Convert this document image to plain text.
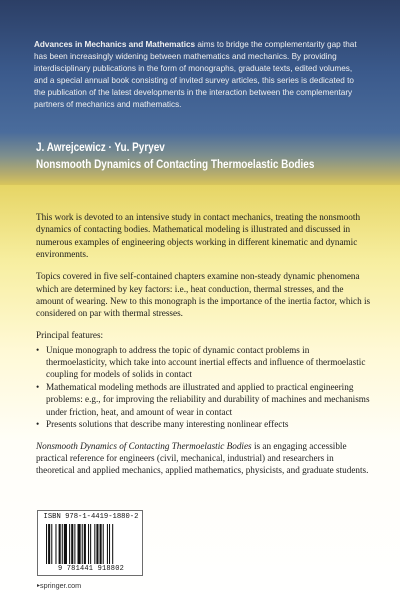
Advances in Mechanics and Mathematics aims to bridge the complementarity gap that has been increasingly widening between mathematics and mechanics. By providing interdisciplinary publications in the form of monographs, graduate texts, edited volumes, and a special annual book consisting of invited survey articles, this series is dedicated to the publication of the latest developments in the interaction between the complementary partners of mechanics and mathematics.

J. Awrejcewicz · Yu. Pyryev

Nonsmooth Dynamics of Contacting Thermoelastic Bodies

This work is devoted to an intensive study in contact mechanics, treating the nonsmooth dynamics of contacting bodies. Mathematical modeling is illustrated and discussed in numerous examples of engineering objects working in different kinematic and dynamic environments.

Topics covered in five self-contained chapters examine non-steady dynamic phenomena which are determined by key factors: i.e., heat conduction, thermal stresses, and the amount of wearing. New to this monograph is the importance of the inertia factor, which is considered on par with thermal stresses.

Principal features:

• Unique monograph to address the topic of dynamic contact problems in thermoelasticity, which take into account inertial effects and influence of thermoelastic coupling for models of solids in contact
• Mathematical modeling methods are illustrated and applied to practical engineering problems: e.g., for improving the reliability and durability of machines and mechanisms under friction, heat, and amount of wear in contact
• Presents solutions that describe many interesting nonlinear effects

Nonsmooth Dynamics of Contacting Thermoelastic Bodies is an engaging accessible practical reference for engineers (civil, mechanical, industrial) and researchers in theoretical and applied mechanics, applied mathematics, physicists, and graduate students.

ISBN 978-1-4419-1880-2
9 781441 918802
▸springer.com
